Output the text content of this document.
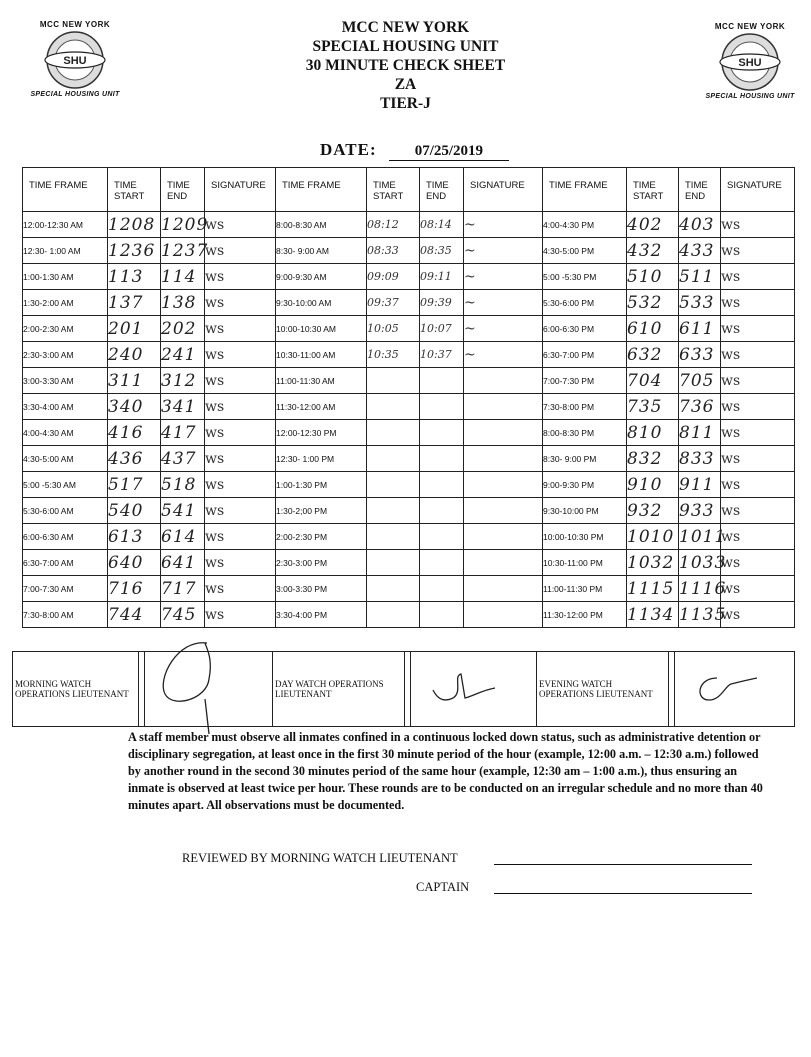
MCC NEW YORK
SHU
SPECIAL HOUSING UNIT
MCC NEW YORK
SHU
SPECIAL HOUSING UNIT
MCC NEW YORK
SPECIAL HOUSING UNIT
30 MINUTE CHECK SHEET
ZA
TIER-J
DATE:	07/25/2019
TIME FRAME	TIME START	TIME END	SIGNATURE	TIME FRAME	TIME START	TIME END	SIGNATURE	TIME FRAME	TIME START	TIME END	SIGNATURE
12:00-12:30 AM	1208	1209	ws	8:00-8:30 AM	08:12	08:14	~	4:00-4:30 PM	402	403	ws
12:30- 1:00 AM	1236	1237	ws	8:30- 9:00 AM	08:33	08:35	~	4:30-5:00 PM	432	433	ws
1:00-1:30 AM	113	114	ws	9:00-9:30 AM	09:09	09:11	~	5:00 -5:30 PM	510	511	ws
1:30-2:00 AM	137	138	ws	9:30-10:00 AM	09:37	09:39	~	5:30-6:00 PM	532	533	ws
2:00-2:30 AM	201	202	ws	10:00-10:30 AM	10:05	10:07	~	6:00-6:30 PM	610	611	ws
2:30-3:00 AM	240	241	ws	10:30-11:00 AM	10:35	10:37	~	6:30-7:00 PM	632	633	ws
3:00-3:30 AM	311	312	ws	11:00-11:30 AM				7:00-7:30 PM	704	705	ws
3:30-4:00 AM	340	341	ws	11:30-12:00 AM				7:30-8:00 PM	735	736	ws
4:00-4:30 AM	416	417	ws	12:00-12:30 PM				8:00-8:30 PM	810	811	ws
4:30-5:00 AM	436	437	ws	12:30- 1:00 PM				8:30- 9:00 PM	832	833	ws
5:00 -5:30 AM	517	518	ws	1:00-1:30 PM				9:00-9:30 PM	910	911	ws
5:30-6:00 AM	540	541	ws	1:30-2;00 PM				9:30-10:00 PM	932	933	ws
6:00-6:30 AM	613	614	ws	2:00-2:30 PM				10:00-10:30 PM	1010	1011	ws
6:30-7:00 AM	640	641	ws	2:30-3:00 PM				10:30-11:00 PM	1032	1033	ws
7:00-7:30 AM	716	717	ws	3:00-3:30 PM				11:00-11:30 PM	1115	1116	ws
7:30-8:00 AM	744	745	ws	3:30-4:00 PM				11:30-12:00 PM	1134	1135	ws
MORNING WATCH OPERATIONS LIEUTENANT			DAY WATCH OPERATIONS LIEUTENANT			EVENING WATCH OPERATIONS LIEUTENANT		
A staff member must observe all inmates confined in a continuous locked down status, such as administrative detention or disciplinary segregation, at least once in the first 30 minute period of the hour (example, 12:00 a.m. – 12:30 a.m.) followed by another round in the second 30 minutes period of the same hour (example, 12:30 am – 1:00 a.m.), thus ensuring an inmate is observed at least twice per hour. These rounds are to be conducted on an irregular schedule and no more than 40 minutes apart. All observations must be documented.
REVIEWED BY MORNING WATCH LIEUTENANT
CAPTAIN
